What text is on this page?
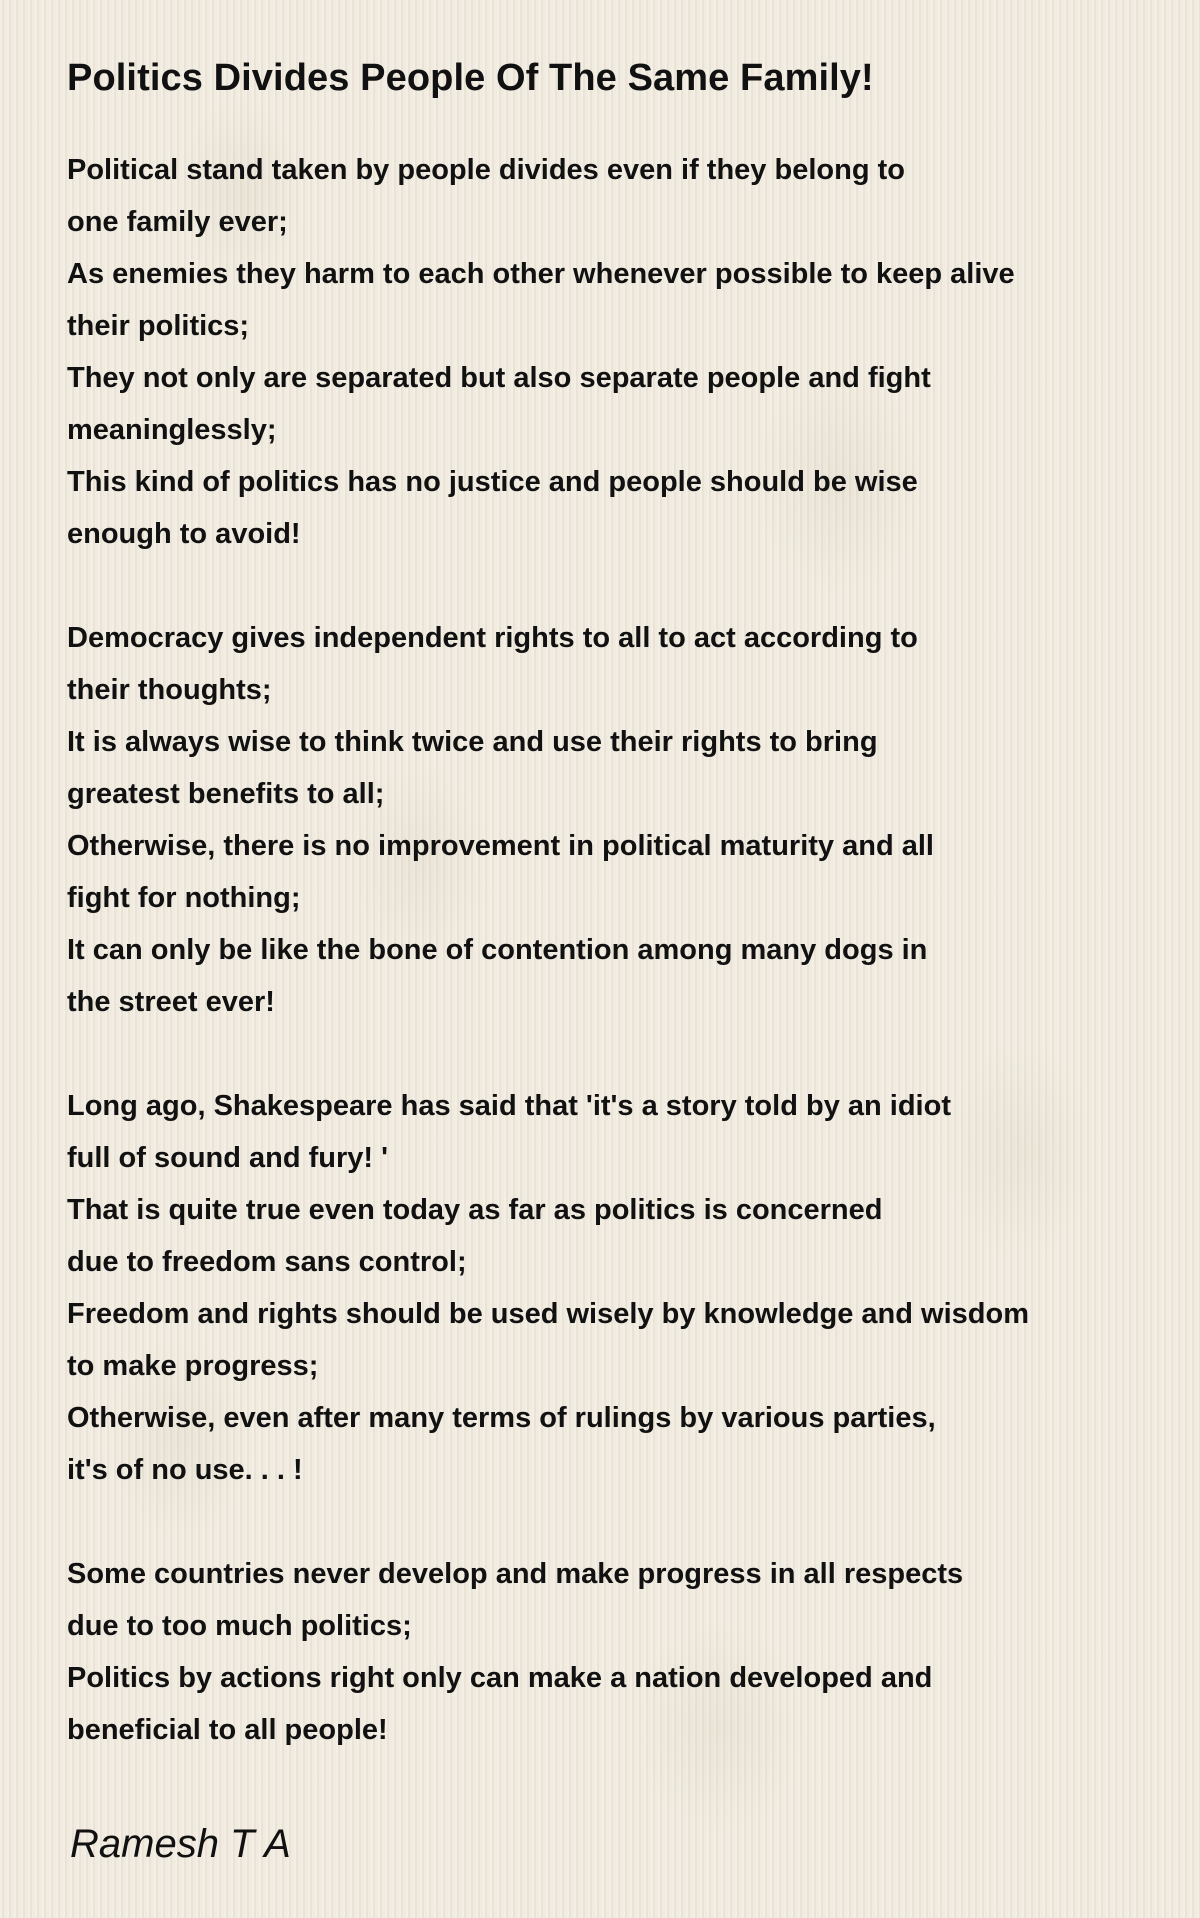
Politics Divides People Of The Same Family!
Political stand taken by people divides even if they belong to
one family ever;
As enemies they harm to each other whenever possible to keep alive
their politics;
They not only are separated but also separate people and fight
meaninglessly;
This kind of politics has no justice and people should be wise
enough to avoid!
Democracy gives independent rights to all to act according to
their thoughts;
It is always wise to think twice and use their rights to bring
greatest benefits to all;
Otherwise, there is no improvement in political maturity and all
fight for nothing;
It can only be like the bone of contention among many dogs in
the street ever!
Long ago, Shakespeare has said that 'it's a story told by an idiot
full of sound and fury! '
That is quite true even today as far as politics is concerned
due to freedom sans control;
Freedom and rights should be used wisely by knowledge and wisdom
to make progress;
Otherwise, even after many terms of rulings by various parties,
it's of no use. . . !
Some countries never develop and make progress in all respects
due to too much politics;
Politics by actions right only can make a nation developed and
beneficial to all people!
Ramesh T A
